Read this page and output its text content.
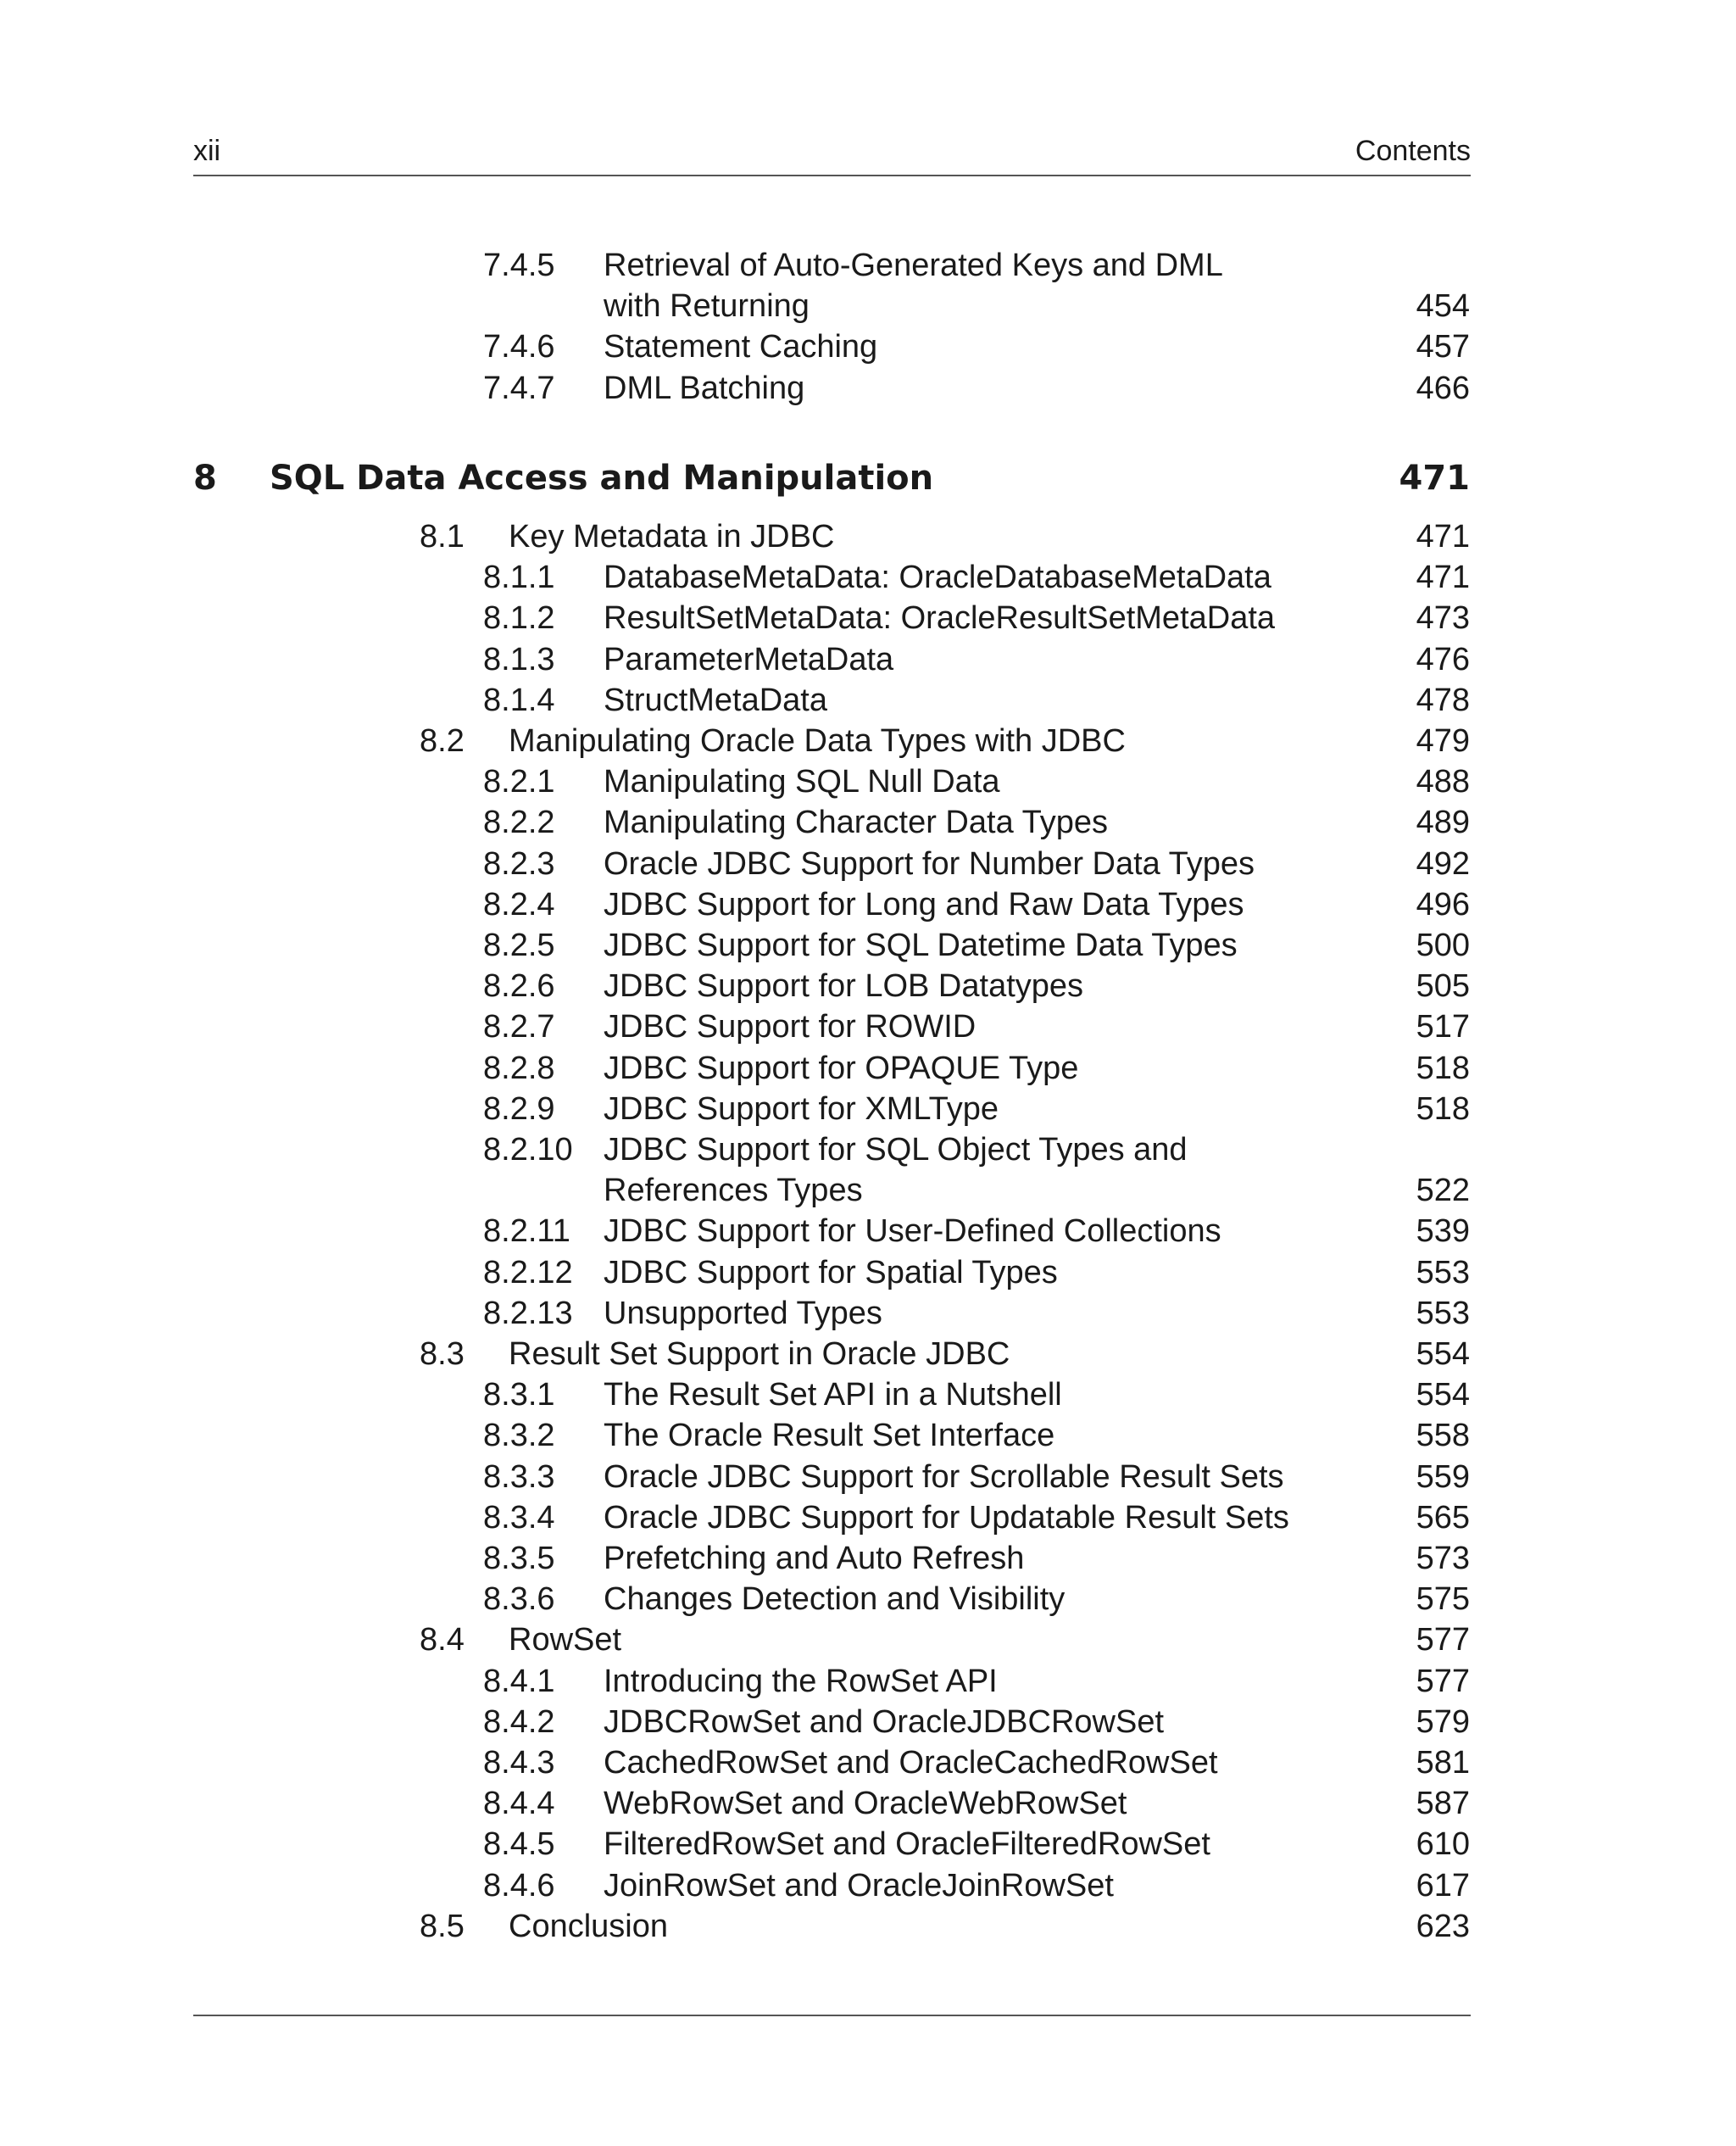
xii	Contents
7.4.5 Retrieval of Auto-Generated Keys and DML
with Returning	454
7.4.6 Statement Caching	457
7.4.7 DML Batching	466
8 SQL Data Access and Manipulation	471
8.1 Key Metadata in JDBC	471
8.1.1 DatabaseMetaData: OracleDatabaseMetaData	471
8.1.2 ResultSetMetaData: OracleResultSetMetaData	473
8.1.3 ParameterMetaData	476
8.1.4 StructMetaData	478
8.2 Manipulating Oracle Data Types with JDBC	479
8.2.1 Manipulating SQL Null Data	488
8.2.2 Manipulating Character Data Types	489
8.2.3 Oracle JDBC Support for Number Data Types	492
8.2.4 JDBC Support for Long and Raw Data Types	496
8.2.5 JDBC Support for SQL Datetime Data Types	500
8.2.6 JDBC Support for LOB Datatypes	505
8.2.7 JDBC Support for ROWID	517
8.2.8 JDBC Support for OPAQUE Type	518
8.2.9 JDBC Support for XMLType	518
8.2.10 JDBC Support for SQL Object Types and
References Types	522
8.2.11 JDBC Support for User-Defined Collections	539
8.2.12 JDBC Support for Spatial Types	553
8.2.13 Unsupported Types	553
8.3 Result Set Support in Oracle JDBC	554
8.3.1 The Result Set API in a Nutshell	554
8.3.2 The Oracle Result Set Interface	558
8.3.3 Oracle JDBC Support for Scrollable Result Sets	559
8.3.4 Oracle JDBC Support for Updatable Result Sets	565
8.3.5 Prefetching and Auto Refresh	573
8.3.6 Changes Detection and Visibility	575
8.4 RowSet	577
8.4.1 Introducing the RowSet API	577
8.4.2 JDBCRowSet and OracleJDBCRowSet	579
8.4.3 CachedRowSet and OracleCachedRowSet	581
8.4.4 WebRowSet and OracleWebRowSet	587
8.4.5 FilteredRowSet and OracleFilteredRowSet	610
8.4.6 JoinRowSet and OracleJoinRowSet	617
8.5 Conclusion	623
